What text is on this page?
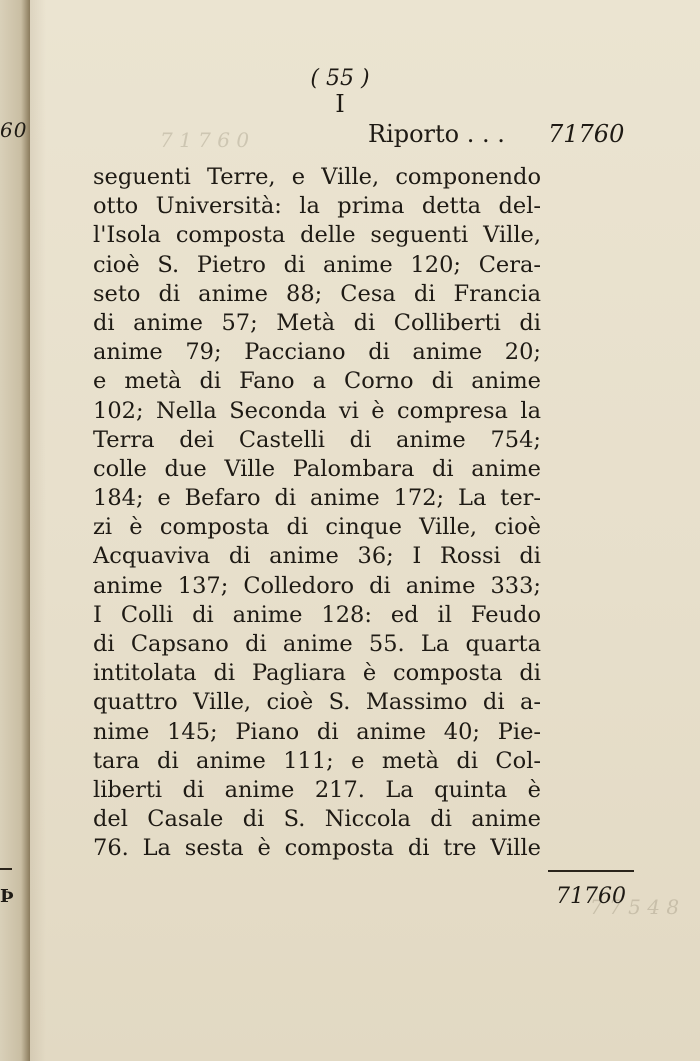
60
Þ
7 1 7 6 0
7 7 5 4 8
( 55 )
I
Riporto . . . 71760
seguenti Terre, e Ville, componendo
otto Università: la prima detta del-
l'Isola composta delle seguenti Ville,
cioè S. Pietro di anime 120; Cera-
seto di anime 88; Cesa di Francia
di anime 57; Metà di Colliberti di
anime 79; Pacciano di anime 20;
e metà di Fano a Corno di anime
102; Nella Seconda vi è compresa la
Terra dei Castelli di anime 754;
colle due Ville Palombara di anime
184; e Befaro di anime 172; La ter-
zi è composta di cinque Ville, cioè
Acquaviva di anime 36; I Rossi di
anime 137; Colledoro di anime 333;
I Colli di anime 128: ed il Feudo
di Capsano di anime 55. La quarta
intitolata di Pagliara è composta di
quattro Ville, cioè S. Massimo di a-
nime 145; Piano di anime 40; Pie-
tara di anime 111; e metà di Col-
liberti di anime 217. La quinta è
del Casale di S. Niccola di anime
76. La sesta è composta di tre Ville
71760
